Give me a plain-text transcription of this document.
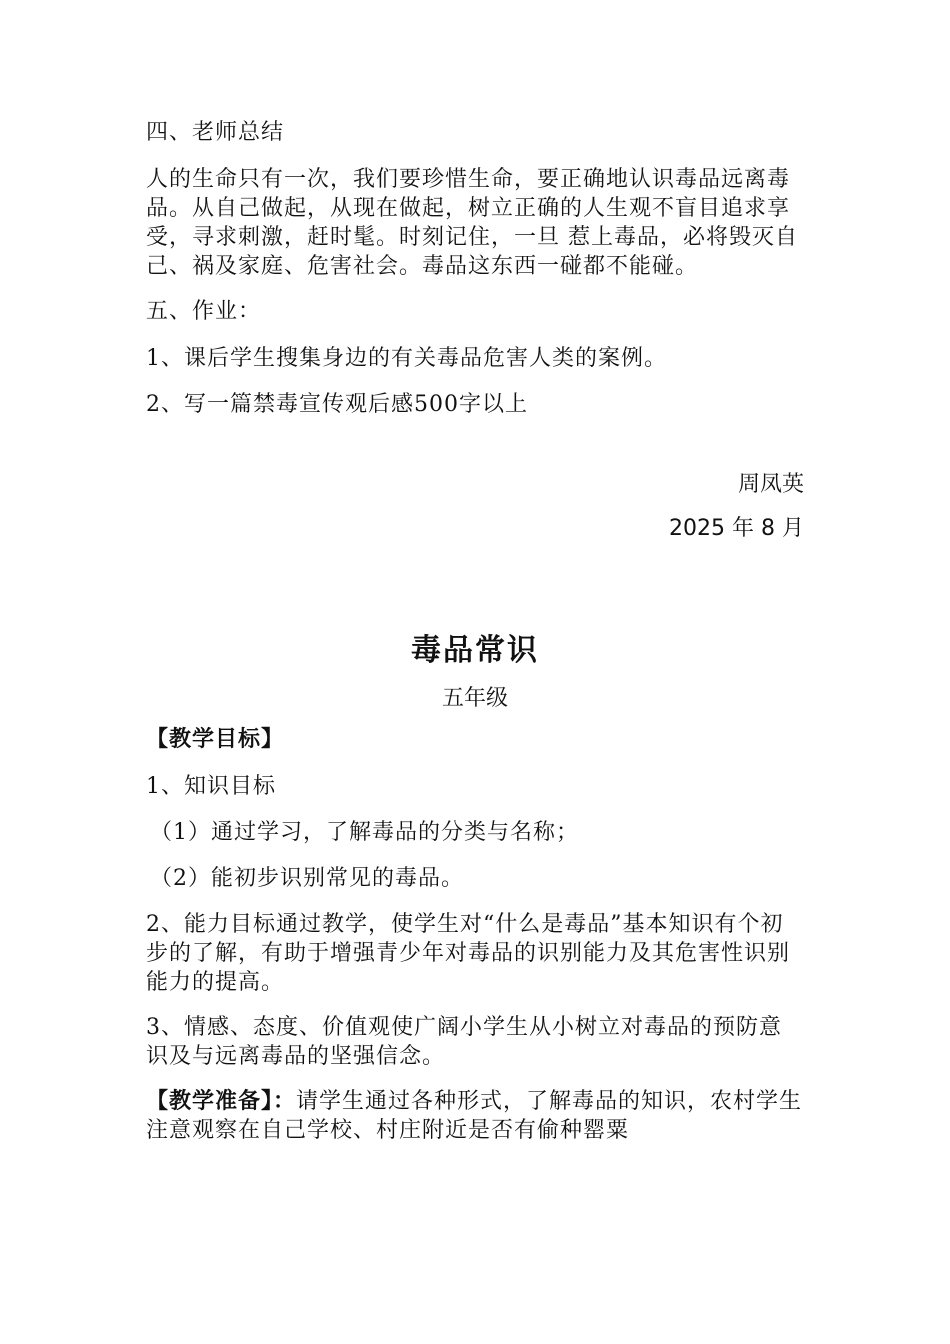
四、老师总结

人的生命只有一次，我们要珍惜生命，要正确地认识毒品远离毒品。从自己做起，从现在做起，树立正确的人生观不盲目追求享受，寻求刺激，赶时髦。时刻记住，一旦 惹上毒品，必将毁灭自己、祸及家庭、危害社会。毒品这东西一碰都不能碰。

五、作业：

1、课后学生搜集身边的有关毒品危害人类的案例。

2、写一篇禁毒宣传观后感500字以上

周凤英
2025 年 8 月
毒品常识
五年级

【教学目标】

1、知识目标

（1）通过学习，了解毒品的分类与名称；

（2）能初步识别常见的毒品。

2、能力目标通过教学，使学生对“什么是毒品”基本知识有个初步的了解，有助于增强青少年对毒品的识别能力及其危害性识别能力的提高。

3、情感、态度、价值观使广阔小学生从小树立对毒品的预防意识及与远离毒品的坚强信念。

【教学准备】：请学生通过各种形式，了解毒品的知识，农村学生注意观察在自己学校、村庄附近是否有偷种罂粟
